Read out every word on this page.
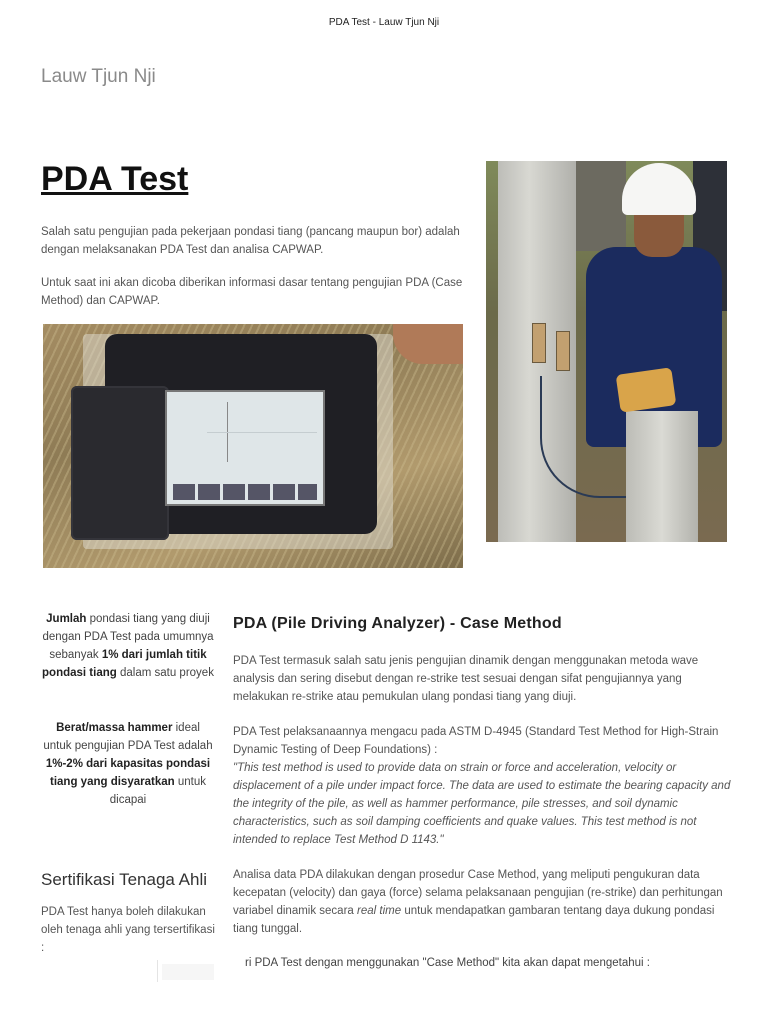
PDA Test - Lauw Tjun Nji
Lauw Tjun Nji
PDA Test

Salah satu pengujian pada pekerjaan pondasi tiang (pancang maupun bor) adalah dengan melaksanakan PDA Test dan analisa CAPWAP.

Untuk saat ini akan dicoba diberikan informasi dasar tentang pengujian PDA (Case Method) dan CAPWAP.

Jumlah pondasi tiang yang diuji dengan PDA Test pada umumnya sebanyak 1% dari jumlah titik pondasi tiang dalam satu proyek

Berat/massa hammer ideal untuk pengujian PDA Test adalah 1%-2% dari kapasitas pondasi tiang yang disyaratkan untuk dicapai

Sertifikasi Tenaga Ahli
PDA Test hanya boleh dilakukan oleh tenaga ahli yang tersertifikasi :
PDA (Pile Driving Analyzer) - Case Method

PDA Test termasuk salah satu jenis pengujian dinamik dengan menggunakan metoda wave analysis dan sering disebut dengan re-strike test sesuai dengan sifat pengujiannya yang melakukan re-strike atau pemukulan ulang pondasi tiang yang diuji.

PDA Test pelaksanaannya mengacu pada ASTM D-4945 (Standard Test Method for High-Strain Dynamic Testing of Deep Foundations) :

"This test method is used to provide data on strain or force and acceleration, velocity or displacement of a pile under impact force. The data are used to estimate the bearing capacity and the integrity of the pile, as well as hammer performance, pile stresses, and soil dynamic characteristics, such as soil damping coefficients and quake values. This test method is not intended to replace Test Method D 1143."

Analisa data PDA dilakukan dengan prosedur Case Method, yang meliputi pengukuran data kecepatan (velocity) dan gaya (force) selama pelaksanaan pengujian (re-strike) dan perhitungan variabel dinamik secara real time untuk mendapatkan gambaran tentang daya dukung pondasi tiang tunggal.

ri PDA Test dengan menggunakan "Case Method" kita akan dapat mengetahui :
